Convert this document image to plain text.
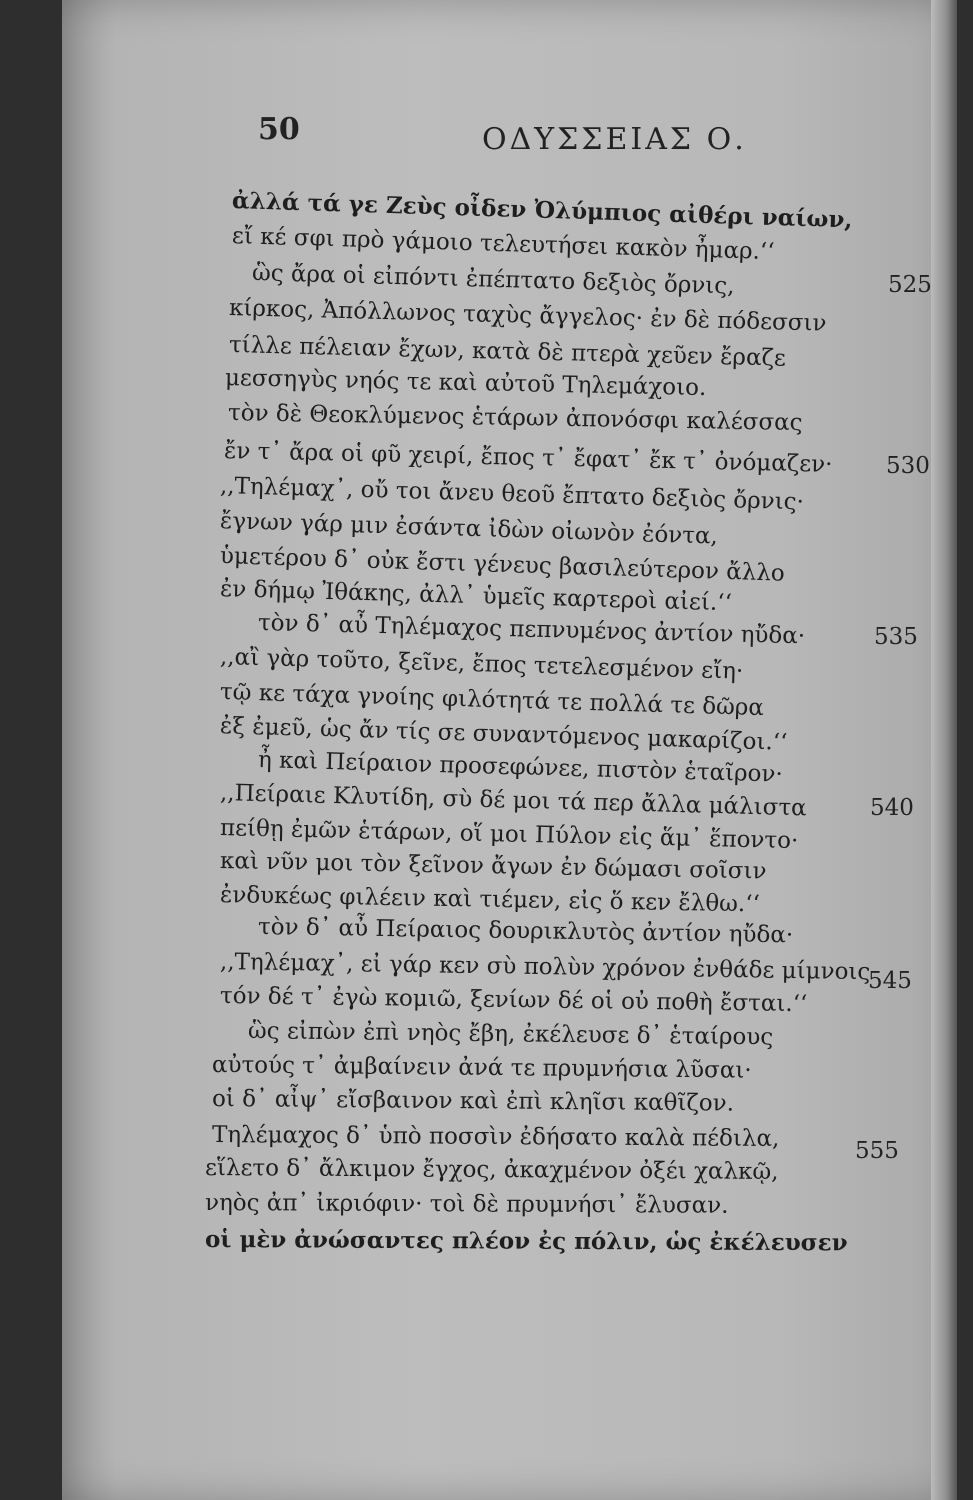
50	ΟΔΥΣΣΕΙΑΣ Ο.
ἀλλά τά γε Ζεὺς οἶδεν Ὀλύμπιος αἰθέρι ναίων,
εἴ κέ σφι πρὸ γάμοιο τελευτήσει κακὸν ἦμαρ.‘‘
ὣς ἄρα οἱ εἰπόντι ἐπέπτατο δεξιὸς ὄρνις,
κίρκος, Ἀπόλλωνος ταχὺς ἄγγελος· ἐν δὲ πόδεσσιν
τίλλε πέλειαν ἔχων, κατὰ δὲ πτερὰ χεῦεν ἔραζε
μεσσηγὺς νηός τε καὶ αὐτοῦ Τηλεμάχοιο.
τὸν δὲ Θεοκλύμενος ἑτάρων ἀπονόσφι καλέσσας
ἔν τ᾽ ἄρα οἱ φῦ χειρί, ἔπος τ᾽ ἔφατ᾽ ἔκ τ᾽ ὀνόμαζεν·
,,Τηλέμαχ᾽, οὔ τοι ἄνευ θεοῦ ἔπτατο δεξιὸς ὄρνις·
ἔγνων γάρ μιν ἐσάντα ἰδὼν οἰωνὸν ἐόντα,
ὑμετέρου δ᾽ οὐκ ἔστι γένευς βασιλεύτερον ἄλλο
ἐν δήμῳ Ἰθάκης, ἀλλ᾽ ὑμεῖς καρτεροὶ αἰεί.‘‘
τὸν δ᾽ αὖ Τηλέμαχος πεπνυμένος ἀντίον ηὔδα·
,,αἲ γὰρ τοῦτο, ξεῖνε, ἔπος τετελεσμένον εἴη·
τῷ κε τάχα γνοίης φιλότητά τε πολλά τε δῶρα
ἐξ ἐμεῦ, ὡς ἄν τίς σε συναντόμενος μακαρίζοι.‘‘
ἦ καὶ Πείραιον προσεφώνεε, πιστὸν ἑταῖρον·
,,Πείραιε Κλυτίδη, σὺ δέ μοι τά περ ἄλλα μάλιστα
πείθῃ ἐμῶν ἑτάρων, οἵ μοι Πύλον εἰς ἅμ᾽ ἕποντο·
καὶ νῦν μοι τὸν ξεῖνον ἄγων ἐν δώμασι σοῖσιν
ἐνδυκέως φιλέειν καὶ τιέμεν, εἰς ὅ κεν ἔλθω.‘‘
τὸν δ᾽ αὖ Πείραιος δουρικλυτὸς ἀντίον ηὔδα·
,,Τηλέμαχ᾽, εἰ γάρ κεν σὺ πολὺν χρόνον ἐνθάδε μίμνοις
τόν δέ τ᾽ ἐγὼ κομιῶ, ξενίων δέ οἱ οὐ ποθὴ ἔσται.‘‘
ὣς εἰπὼν ἐπὶ νηὸς ἔβη, ἐκέλευσε δ᾽ ἑταίρους
αὐτούς τ᾽ ἀμβαίνειν ἀνά τε πρυμνήσια λῦσαι·
οἱ δ᾽ αἶψ᾽ εἴσβαινον καὶ ἐπὶ κληῖσι καθῖζον.
Τηλέμαχος δ᾽ ὑπὸ ποσσὶν ἐδήσατο καλὰ πέδιλα,
εἵλετο δ᾽ ἄλκιμον ἔγχος, ἀκαχμένον ὀξέι χαλκῷ,
νηὸς ἀπ᾽ ἰκριόφιν· τοὶ δὲ πρυμνήσι᾽ ἔλυσαν.
οἱ μὲν ἀνώσαντες πλέον ἐς πόλιν, ὡς ἐκέλευσεν
525
530
535
540
545
555
